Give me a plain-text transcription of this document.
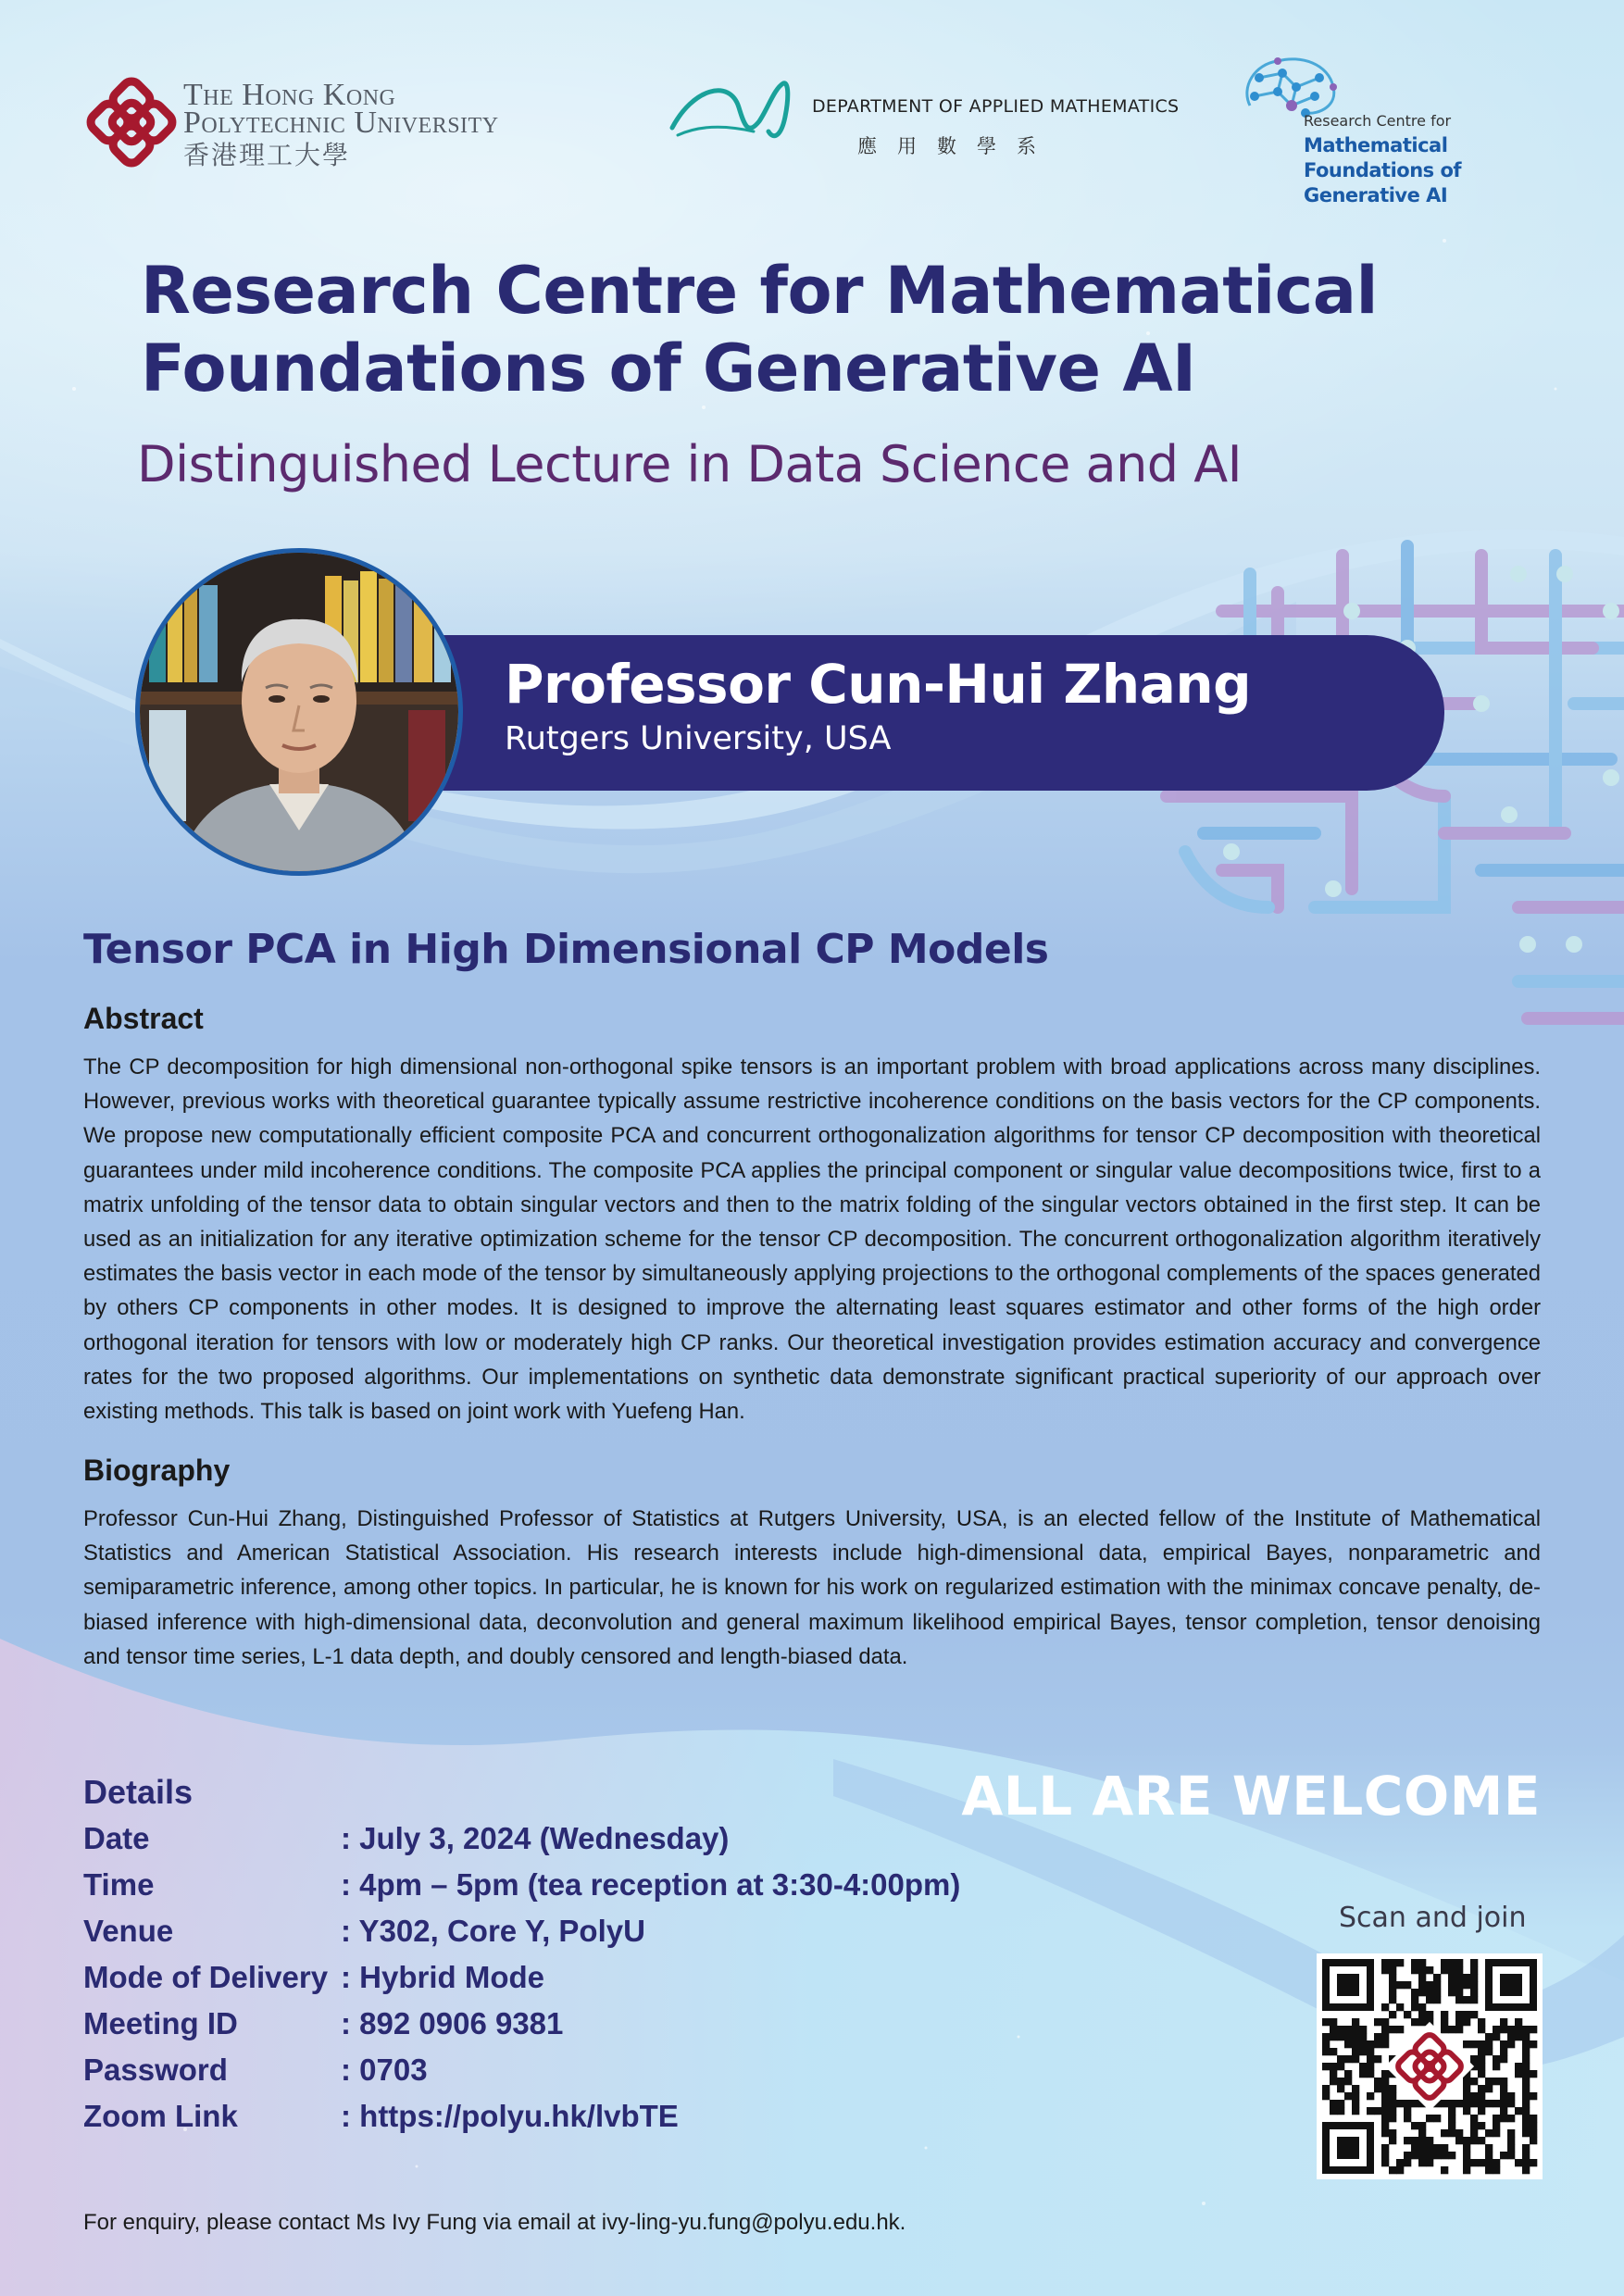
The Hong Kong
Polytechnic University
香港理工大學
DEPARTMENT OF APPLIED MATHEMATICS
應用數學系
Research Centre for
Mathematical Foundations of Generative AI
Research Centre for Mathematical
Foundations of Generative AI
Distinguished Lecture in Data Science and AI
Professor Cun-Hui Zhang
Rutgers University, USA
Tensor PCA in High Dimensional CP Models
Abstract
The CP decomposition for high dimensional non-orthogonal spike tensors is an important problem with broad applications across many disciplines. However, previous works with theoretical guarantee typically assume restrictive incoherence conditions on the basis vectors for the CP components. We propose new computationally efficient composite PCA and concurrent orthogonalization algorithms for tensor CP decomposition with theoretical guarantees under mild incoherence conditions. The composite PCA applies the principal component or singular value decompositions twice, first to a matrix unfolding of the tensor data to obtain singular vectors and then to the matrix folding of the singular vectors obtained in the first step. It can be used as an initialization for any iterative optimization scheme for the tensor CP decomposition. The concurrent orthogonalization algorithm iteratively estimates the basis vector in each mode of the tensor by simultaneously applying projections to the orthogonal complements of the spaces generated by others CP components in other modes. It is designed to improve the alternating least squares estimator and other forms of the high order orthogonal iteration for tensors with low or moderately high CP ranks. Our theoretical investigation provides estimation accuracy and convergence rates for the two proposed algorithms. Our implementations on synthetic data demonstrate significant practical superiority of our approach over existing methods. This talk is based on joint work with Yuefeng Han.
Biography
Professor Cun-Hui Zhang, Distinguished Professor of Statistics at Rutgers University, USA, is an elected fellow of the Institute of Mathematical Statistics and American Statistical Association. His research interests include high-dimensional data, empirical Bayes, nonparametric and semiparametric inference, among other topics. In particular, he is known for his work on regularized estimation with the minimax concave penalty, de-biased inference with high-dimensional data, deconvolution and general maximum likelihood empirical Bayes, tensor completion, tensor denoising and tensor time series, L-1 data depth, and doubly censored and length-biased data.
Details
Date	: July 3, 2024 (Wednesday)
Time	: 4pm – 5pm (tea reception at 3:30-4:00pm)
Venue	: Y302, Core Y, PolyU
Mode of Delivery : Hybrid Mode
Meeting ID	: 892 0906 9381
Password	: 0703
Zoom Link	: https://polyu.hk/lvbTE
ALL ARE WELCOME
Scan and join
For enquiry, please contact Ms Ivy Fung via email at ivy-ling-yu.fung@polyu.edu.hk.
